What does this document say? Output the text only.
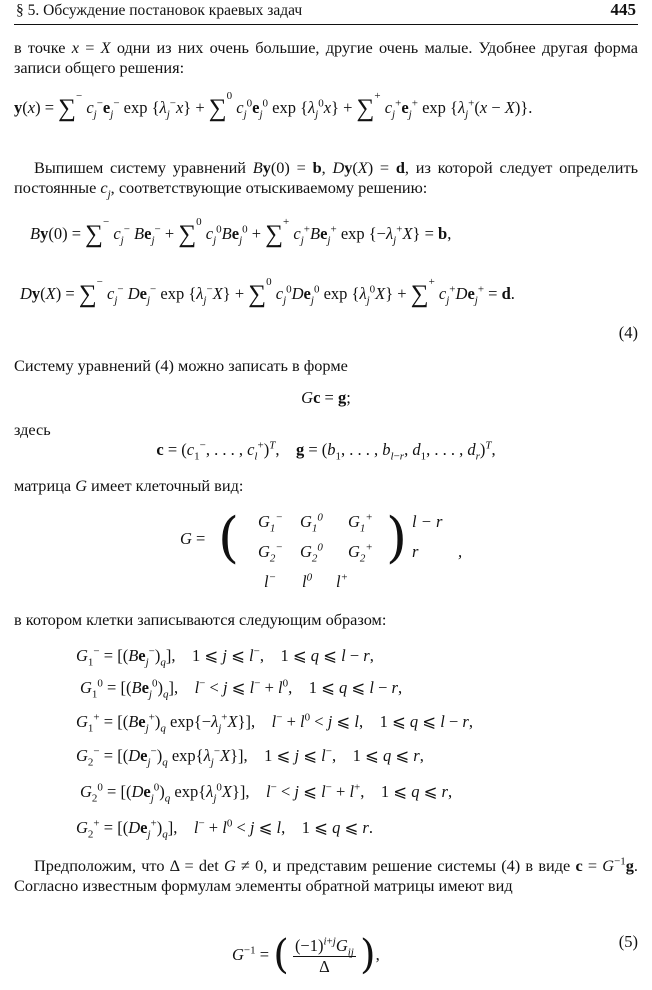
§ 5. Обсуждение постановок краевых задач	445
в точке x = X одни из них очень большие, другие очень малые. Удобнее другая форма записи общего решения:
y(x) = ∑− $c_j^-e_j^-$ $\exp \{\lambda_j^-x\} + \sum^0$ $c_j^0e_j^0$ $\exp \{\lambda_j^0x\} + \sum^+$ $c_j^+e_j^+$ $\exp \{\lambda_j^+(x - X)\}$.
Выпишем систему уравнений By(0) = b, Dy(X) = d, из которой следует определить постоянные $c_j$, соответствующие отыскиваемому решению:
By(0) = ∑− $c_j^-$ $Be_j^- + \sum^0$ $c_j^0Be_j^0 + \sum^+$ $c_j^+Be_j^+$ $\exp \{-\lambda_j^+X\} = b$,
Dy(X) = ∑− $c_j^-$ $De_j^-$ $\exp \{\lambda_j^-X\} + \sum^0$ $c_j^0De_j^0$ $\exp \{\lambda_j^0X\} + \sum^+$ $c_j^+De_j^+ = d$.
(4)
Систему уравнений (4) можно записать в форме
Gc = g;
здесь
$c = (c_1^-$, . . . , $c_l^+)^T$,    $g = (b_1$, . . . , $b_{l-r}$, $d_1$, . . . , $d_r)^T$,
матрица G имеет клеточный вид:
G = ( $G_1^-$ $G_1^0$ $G_1^+$
$G_2^-$ $G_2^0$ $G_2^+$ ) l − r
r ,
l− $l^0$ l+
в котором клетки записываются следующим образом:
$G_1^- = [(Be_j^-)_q]$,    1 ⩽ j ⩽ l−,    1 ⩽ q ⩽ l − r,
$G_1^0 = [(Be_j^0)_q]$,    l− < j ⩽ $l^- + l^0$,    1 ⩽ q ⩽ l − r,
$G_1^+ = [(Be_j^+)_q$ $\exp\{-\lambda_j^+X\}$],    $l^- + l^0 < j$ ⩽ l,    1 ⩽ q ⩽ l − r,
$G_2^- = [(De_j^-)_q$ $\exp\{\lambda_j^-X\}$],    1 ⩽ j ⩽ l−,    1 ⩽ q ⩽ r,
$G_2^0 = [(De_j^0)_q$ $\exp\{\lambda_j^0X\}$],    l− < j ⩽ l− + l+,    1 ⩽ q ⩽ r,
$G_2^+ = [(De_j^+)_q]$,    $l^- + l^0 < j$ ⩽ l,    1 ⩽ q ⩽ r.
Предположим, что Δ = det G ≠ 0, и представим решение системы (4) в виде $c = G^{-1}g$. Согласно известным формулам элементы обратной матрицы имеют вид
$G^{-1}$ = ( $(-1)^{i+j}G_{ij}$
Δ ),
(5)
